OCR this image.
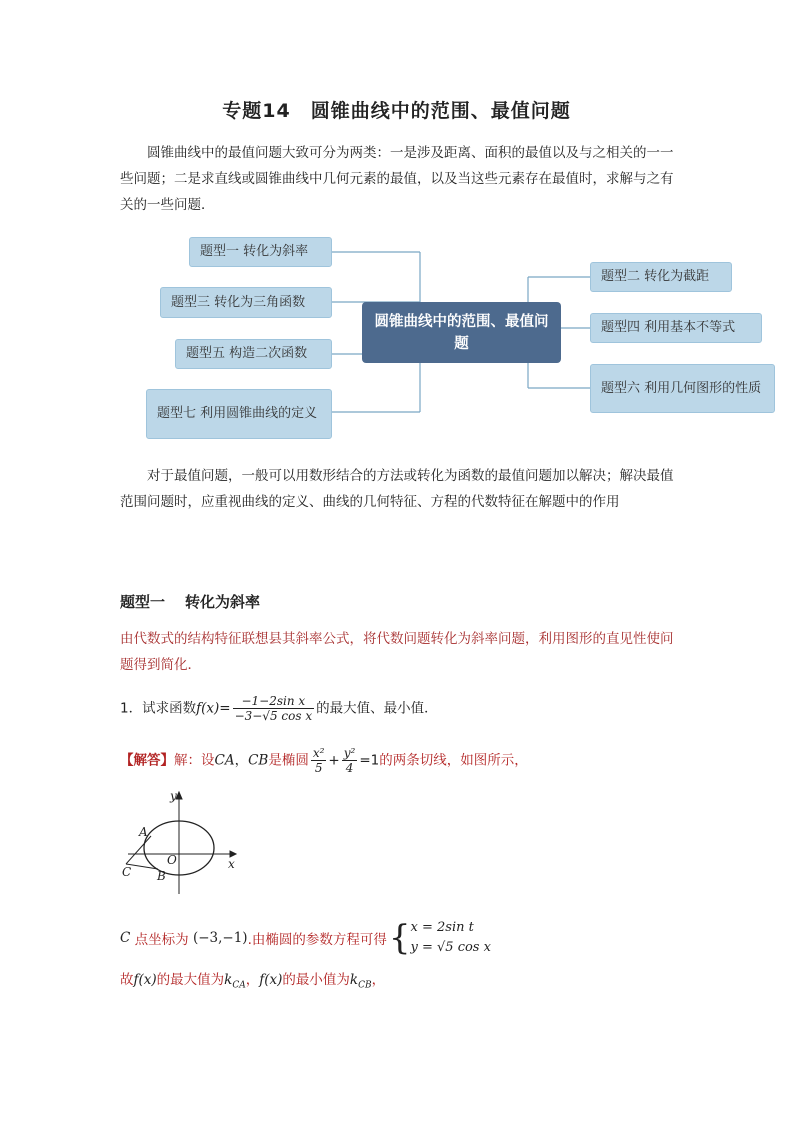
专题14　圆锥曲线中的范围、最值问题

圆锥曲线中的最值问题大致可分为两类：一是涉及距离、面积的最值以及与之相关的一一些问题；二是求直线或圆锥曲线中几何元素的最值，以及当这些元素存在最值时，求解与之有关的一些问题．

题型一 转化为斜率
题型三 转化为三角函数
题型五 构造二次函数
题型七 利用圆锥曲线的定义
圆锥曲线中的范围、最值问题
题型二 转化为截距
题型四 利用基本不等式
题型六 利用几何图形的性质

对于最值问题，一般可以用数形结合的方法或转化为函数的最值问题加以解决；解决最值范围问题时，应重视曲线的定义、曲线的几何特征、方程的代数特征在解题中的作用

题型一 转化为斜率
由代数式的结构特征联想县其斜率公式，将代数问题转化为斜率问题，利用图形的直见性使问题得到简化．
1．试求函数$f(x)= \frac{\text{−1−2sin x}}{\text{−3−√5 cos x}}$ 的最大值、最小值．
【解答】解：设CA，CB是椭圆 $\frac{\text{x²}}{5} + \frac{\text{y²}}{4} =1$的两条切线，如图所示，
y
x
A
O
B
C
C
点坐标为
(−3,−1) .由椭圆的参数方程可得 { x = 2sin t
y = √5 cos x
故f(x)的最大值为$k_{CA}$，f(x)的最小值为$k_{CB}$，
